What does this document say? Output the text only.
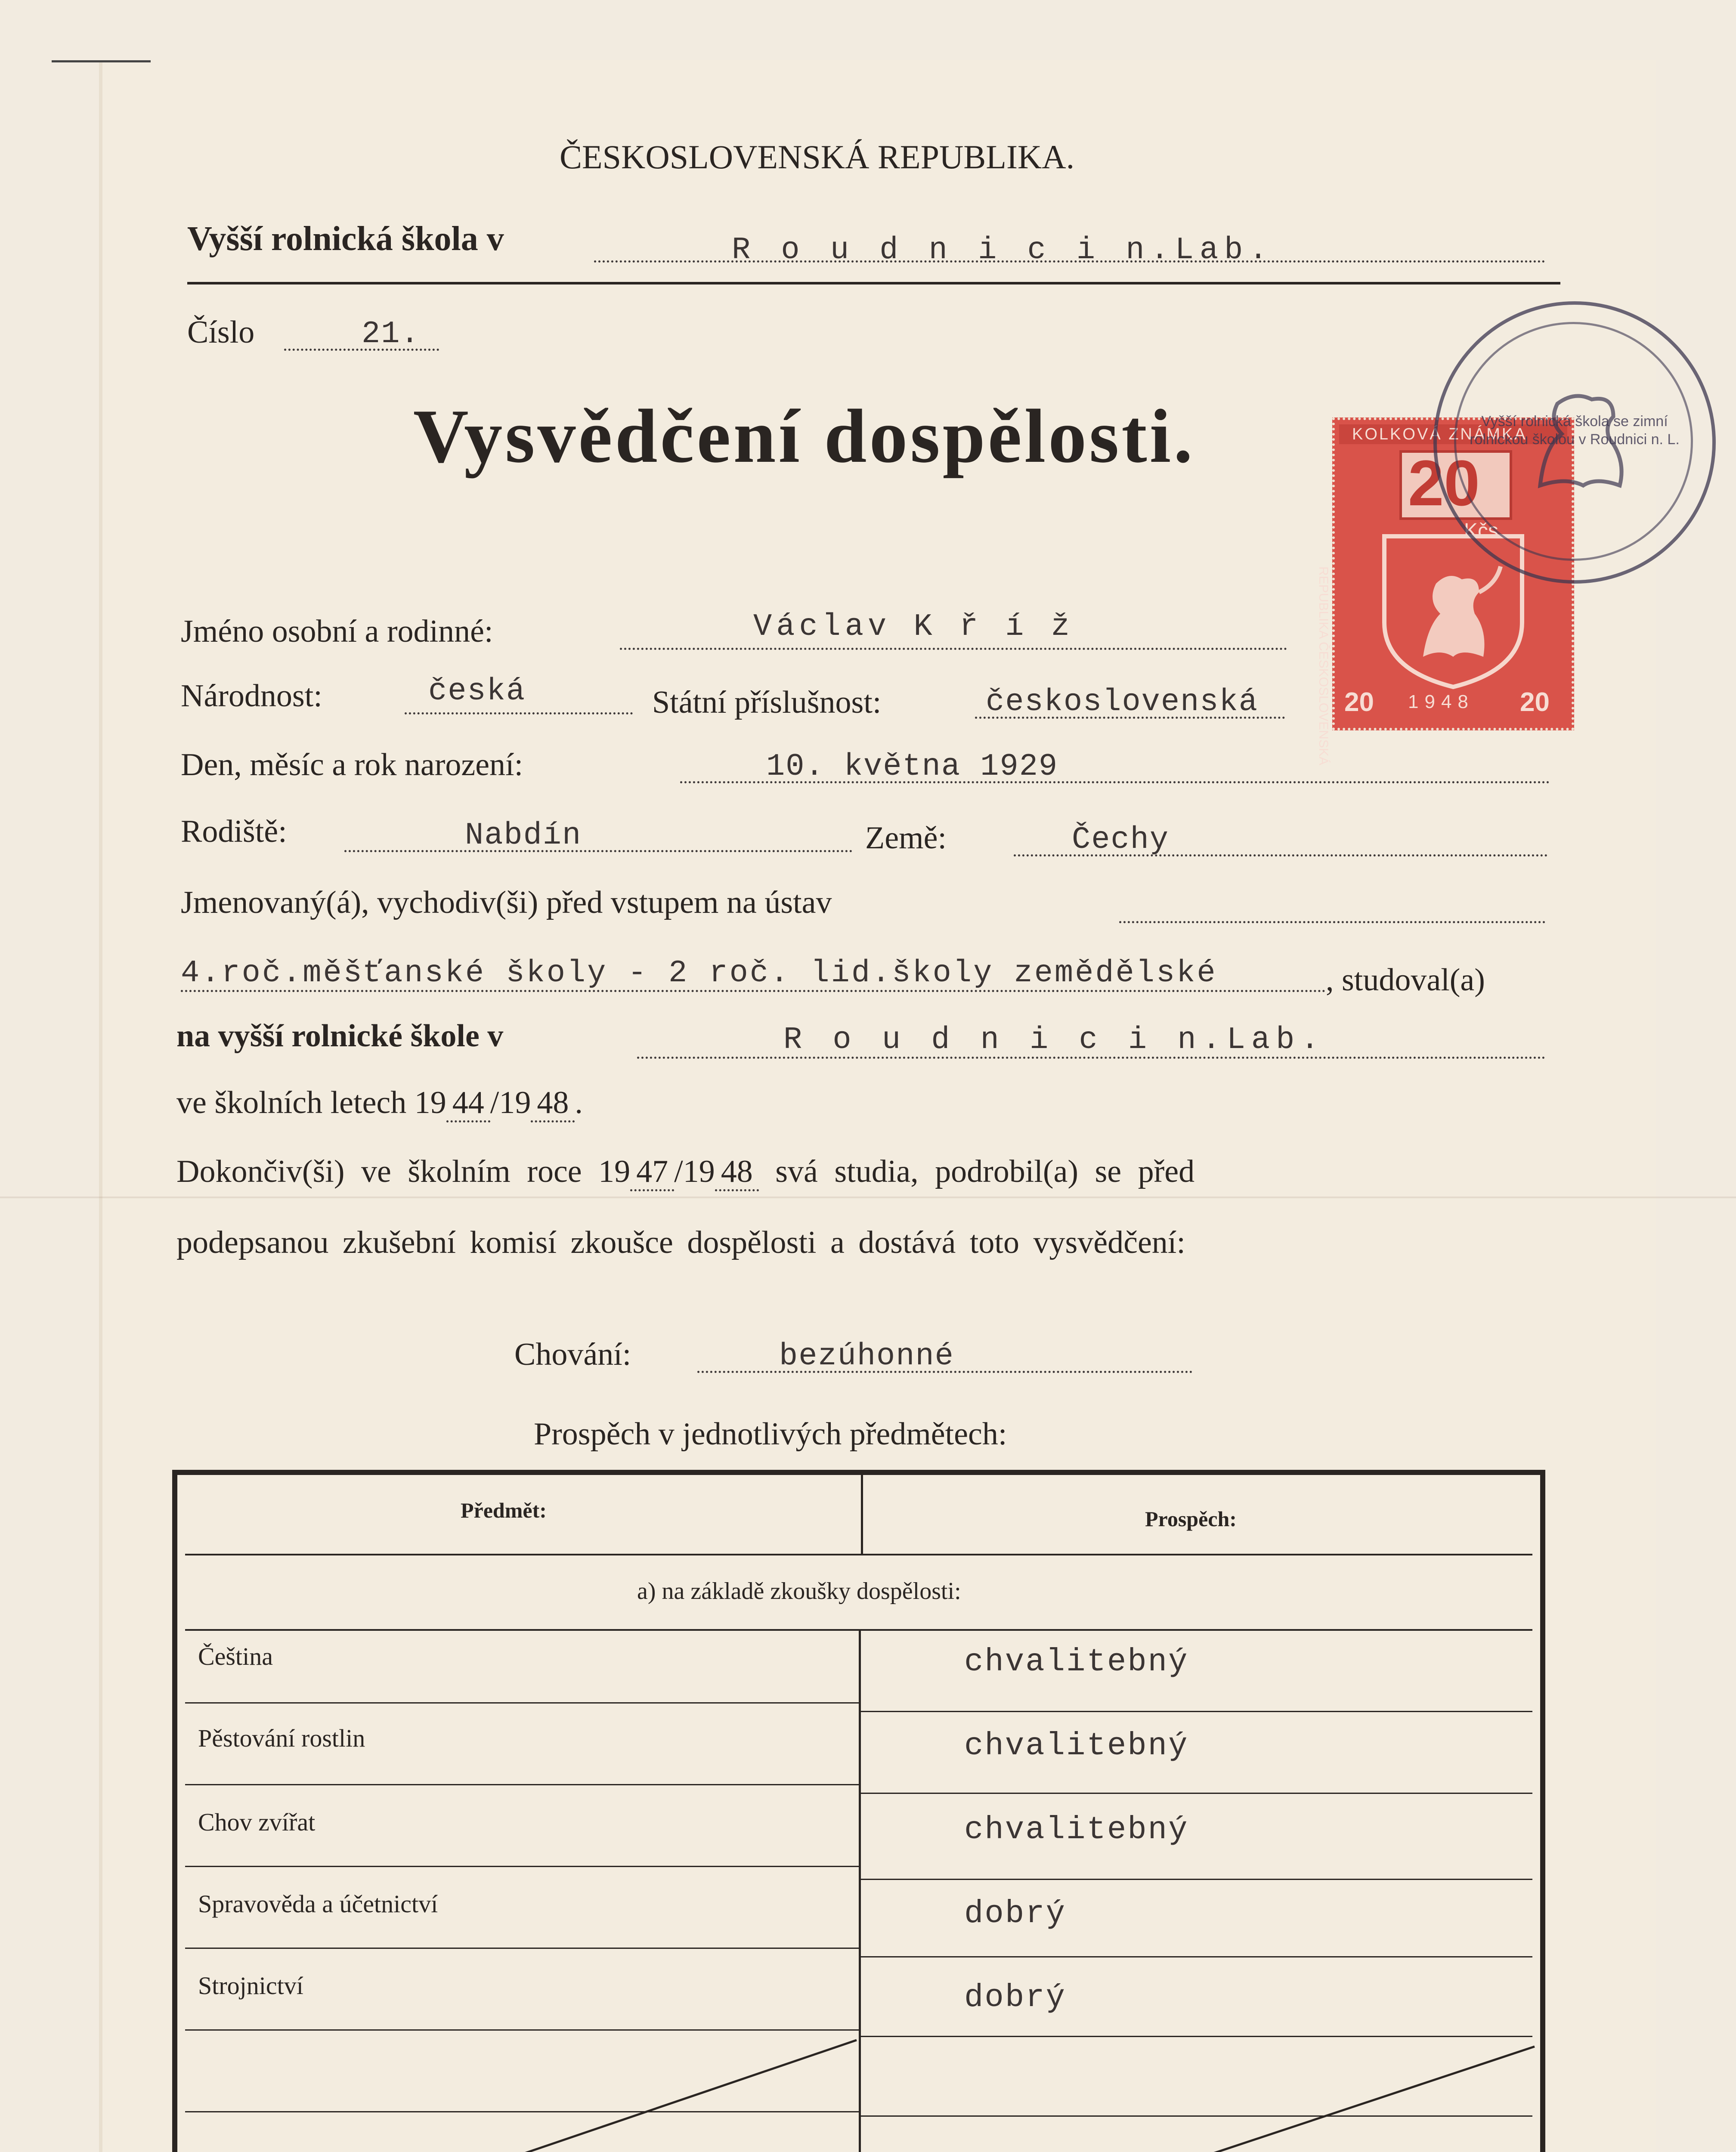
ČESKOSLOVENSKÁ REPUBLIKA.
Vyšší rolnická škola v	R o u d n i c i n.Lab.
Číslo	21.
Vysvědčení dospělosti.	KOLKOVÁ ZNÁMKA
20
Kčs
REPUBLIKA ČESKOSLOVENSKÁ 20 1948 20
Vyšší rolnická škola se zimní rolnickou školou v Roudnici n. L.
Jméno osobní a rodinné:	Václav K ř í ž
Národnost:	česká	Státní příslušnost:	československá
Den, měsíc a rok narození:	10. května 1929
Rodiště:	Nabdín	Země:	Čechy
Jmenovaný(á), vychodiv(ši) před vstupem na ústav
4.roč.měšťanské školy - 2 roč. lid.školy zemědělské	, studoval(a)
na vyšší rolnické škole v	R o u d n i c i n.Lab.
ve školních letech 19 44 /19 48 .
Dokončiv(ši) ve školním roce 19 47 /19 48 svá studia, podrobil(a) se před
podepsanou zkušební komisí zkoušce dospělosti a dostává toto vysvědčení:
Chování:	bezúhonné
Prospěch v jednotlivých předmětech:
Předmět:	Prospěch:
a) na základě zkoušky dospělosti:
Čeština	chvalitebný
Pěstování rostlin	chvalitebný
Chov zvířat	chvalitebný
Spravověda a účetnictví	dobrý
Strojnictví	dobrý
